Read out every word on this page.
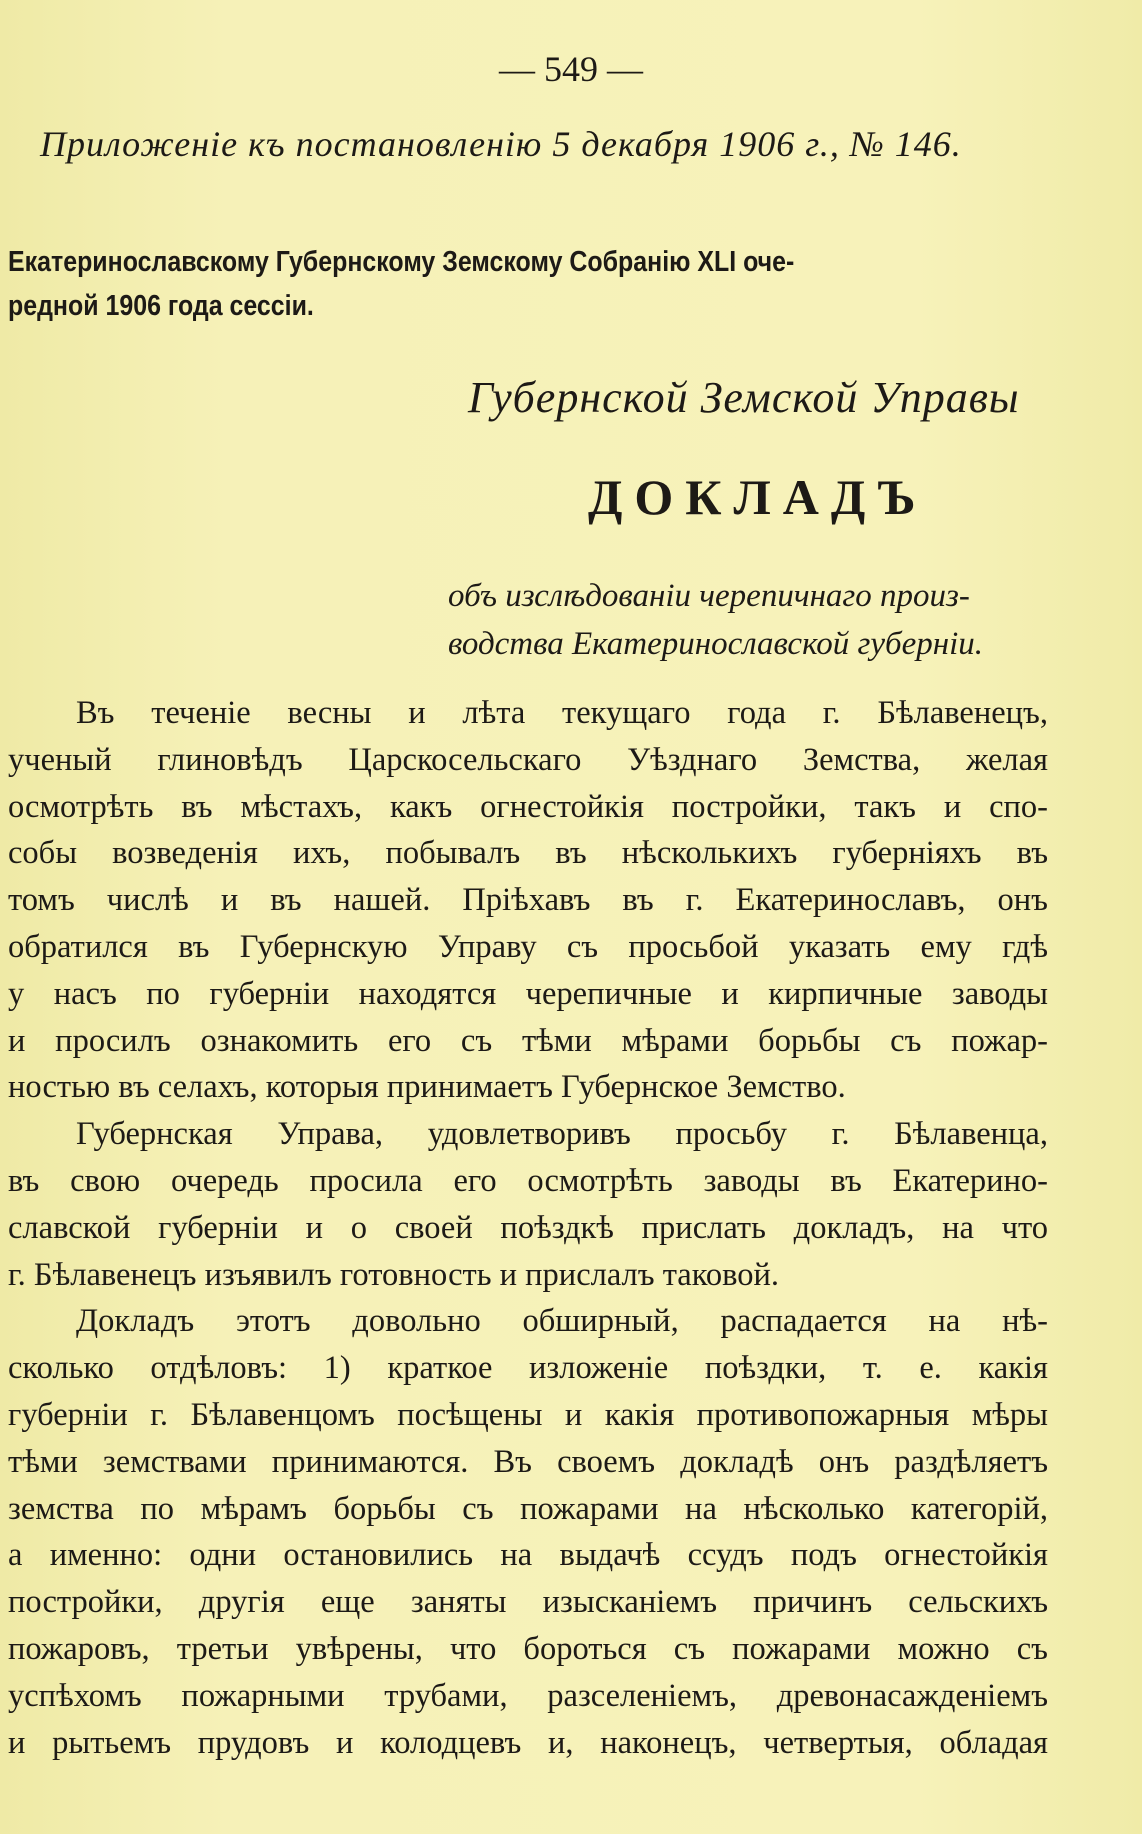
— 549 —
Приложеніе къ постановленію 5 декабря 1906 г., № 146.
Екатеринославскому Губернскому Земскому Собранію XLI оче-
редной 1906 года сессіи.
Губернской Земской Управы
ДОКЛАДЪ
объ изслѣдованіи черепичнаго произ-
водства Екатеринославской губерніи.
Въ теченіе весны и лѣта текущаго года г. Бѣлавенецъ,
ученый глиновѣдъ Царскосельскаго Уѣзднаго Земства, желая
осмотрѣть въ мѣстахъ, какъ огнестойкія постройки, такъ и спо-
собы возведенія ихъ, побывалъ въ нѣсколькихъ губерніяхъ въ
томъ числѣ и въ нашей. Пріѣхавъ въ г. Екатеринославъ, онъ
обратился въ Губернскую Управу съ просьбой указать ему гдѣ
у насъ по губерніи находятся черепичные и кирпичные заводы
и просилъ ознакомить его съ тѣми мѣрами борьбы съ пожар-
ностью въ селахъ, которыя принимаетъ Губернское Земство.
Губернская Управа, удовлетворивъ просьбу г. Бѣлавенца,
въ свою очередь просила его осмотрѣть заводы въ Екатерино-
славской губерніи и о своей поѣздкѣ прислать докладъ, на что
г. Бѣлавенецъ изъявилъ готовность и прислалъ таковой.
Докладъ этотъ довольно обширный, распадается на нѣ-
сколько отдѣловъ: 1) краткое изложеніе поѣздки, т. е. какія
губерніи г. Бѣлавенцомъ посѣщены и какія противопожарныя мѣры
тѣми земствами принимаются. Въ своемъ докладѣ онъ раздѣляетъ
земства по мѣрамъ борьбы съ пожарами на нѣсколько категорій,
а именно: одни остановились на выдачѣ ссудъ подъ огнестойкія
постройки, другія еще заняты изысканіемъ причинъ сельскихъ
пожаровъ, третьи увѣрены, что бороться съ пожарами можно съ
успѣхомъ пожарными трубами, разселеніемъ, древонасажденіемъ
и рытьемъ прудовъ и колодцевъ и, наконецъ, четвертыя, обладая
